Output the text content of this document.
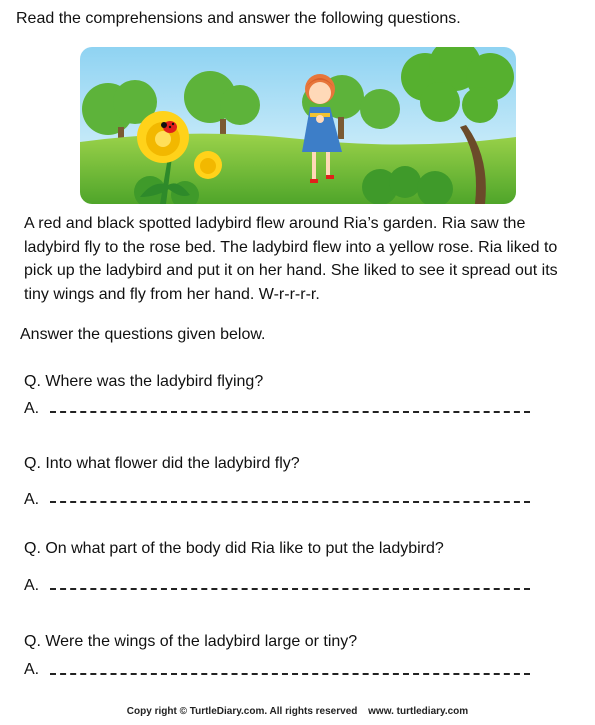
Read the comprehensions and answer the following questions.
A red and black spotted ladybird flew around Ria’s garden. Ria saw the ladybird fly to the rose bed. The ladybird flew into a yellow rose. Ria liked to pick up the ladybird and put it on her hand. She liked to see it spread out its tiny wings and fly from her hand. W-r-r-r-r.
Answer the questions given below.
Q. Where was the ladybird flying?
A.
Q. Into what flower did the ladybird fly?
A.
Q. On what part of the body did Ria like to put the ladybird?
A.
Q. Were the wings of the ladybird large or tiny?
A.
Copy right © TurtleDiary.com. All rights reserved www. turtlediary.com
